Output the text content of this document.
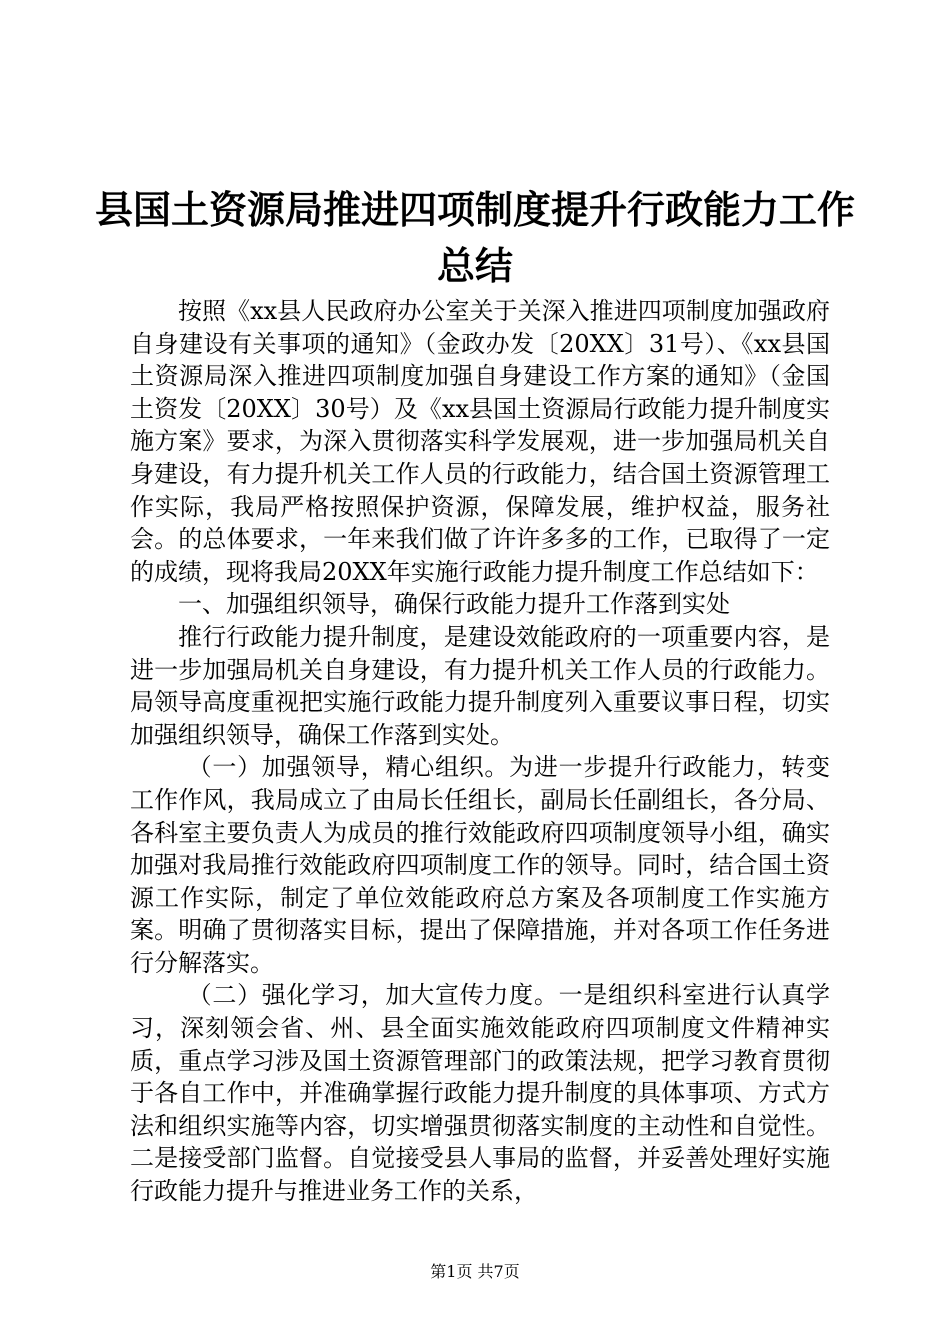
县国土资源局推进四项制度提升行政能力工作
总结

按照《xx县人民政府办公室关于关深入推进四项制度加强政府自身建设有关事项的通知》（金政办发〔20XX〕31号）、《xx县国土资源局深入推进四项制度加强自身建设工作方案的通知》（金国土资发〔20XX〕30号）及《xx县国土资源局行政能力提升制度实施方案》要求，为深入贯彻落实科学发展观，进一步加强局机关自身建设，有力提升机关工作人员的行政能力，结合国土资源管理工作实际，我局严格按照保护资源，保障发展，维护权益，服务社会。的总体要求，一年来我们做了许许多多的工作，已取得了一定的成绩，现将我局20XX年实施行政能力提升制度工作总结如下：

一、加强组织领导，确保行政能力提升工作落到实处

推行行政能力提升制度，是建设效能政府的一项重要内容，是进一步加强局机关自身建设，有力提升机关工作人员的行政能力。局领导高度重视把实施行政能力提升制度列入重要议事日程，切实加强组织领导，确保工作落到实处。

（一）加强领导，精心组织。为进一步提升行政能力，转变工作作风，我局成立了由局长任组长，副局长任副组长，各分局、各科室主要负责人为成员的推行效能政府四项制度领导小组，确实加强对我局推行效能政府四项制度工作的领导。同时，结合国土资源工作实际，制定了单位效能政府总方案及各项制度工作实施方案。明确了贯彻落实目标，提出了保障措施，并对各项工作任务进行分解落实。

（二）强化学习，加大宣传力度。一是组织科室进行认真学习，深刻领会省、州、县全面实施效能政府四项制度文件精神实质，重点学习涉及国土资源管理部门的政策法规，把学习教育贯彻于各自工作中，并准确掌握行政能力提升制度的具体事项、方式方法和组织实施等内容，切实增强贯彻落实制度的主动性和自觉性。二是接受部门监督。自觉接受县人事局的监督，并妥善处理好实施行政能力提升与推进业务工作的关系，

第1页 共7页
